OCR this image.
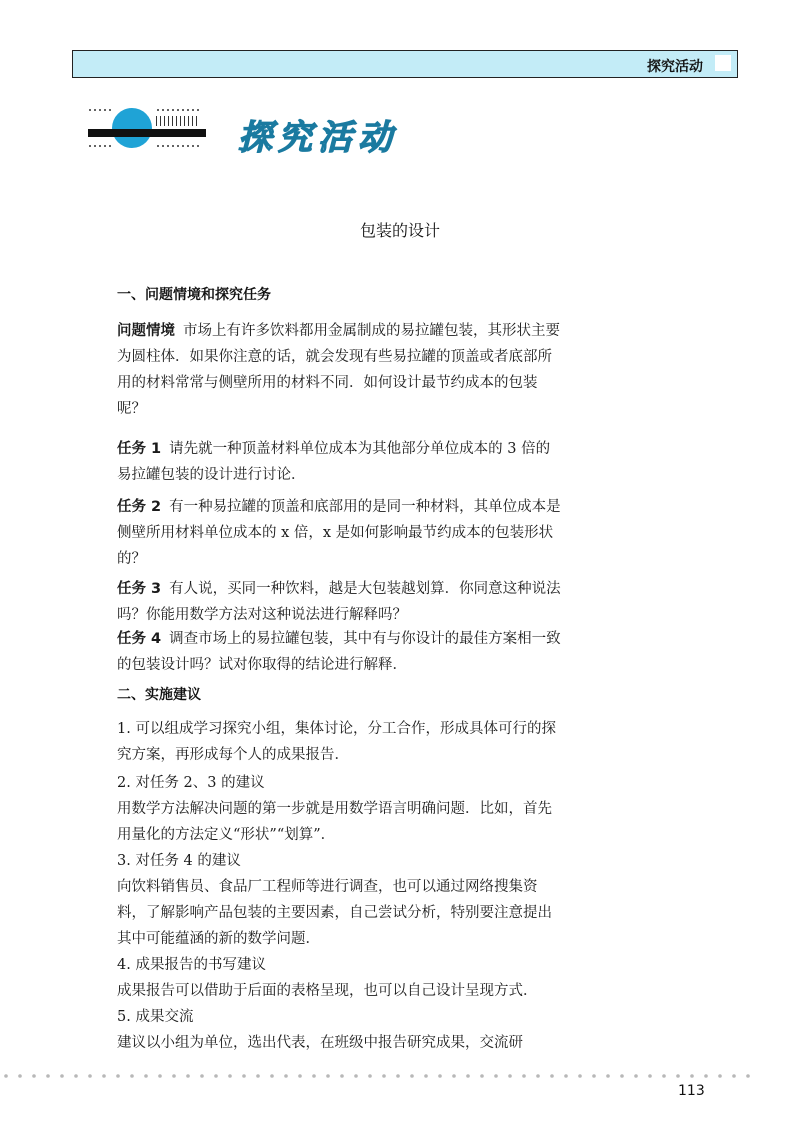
探究活动
探究活动
包装的设计
一、问题情境和探究任务
问题情境 市场上有许多饮料都用金属制成的易拉罐包装，其形状主要为圆柱体．如果你注意的话，就会发现有些易拉罐的顶盖或者底部所用的材料常常与侧壁所用的材料不同．如何设计最节约成本的包装呢？
任务 1 请先就一种顶盖材料单位成本为其他部分单位成本的 3 倍的易拉罐包装的设计进行讨论．
任务 2 有一种易拉罐的顶盖和底部用的是同一种材料，其单位成本是侧壁所用材料单位成本的 x 倍，x 是如何影响最节约成本的包装形状的？
任务 3 有人说，买同一种饮料，越是大包装越划算．你同意这种说法吗？你能用数学方法对这种说法进行解释吗？
任务 4 调查市场上的易拉罐包装，其中有与你设计的最佳方案相一致的包装设计吗？试对你取得的结论进行解释．
二、实施建议
1. 可以组成学习探究小组，集体讨论，分工合作，形成具体可行的探究方案，再形成每个人的成果报告．
2. 对任务 2、3 的建议
用数学方法解决问题的第一步就是用数学语言明确问题．比如，首先用量化的方法定义“形状”“划算”．
3. 对任务 4 的建议
向饮料销售员、食品厂工程师等进行调查，也可以通过网络搜集资料，了解影响产品包装的主要因素，自己尝试分析，特别要注意提出其中可能蕴涵的新的数学问题．
4. 成果报告的书写建议
成果报告可以借助于后面的表格呈现，也可以自己设计呈现方式．
5. 成果交流
建议以小组为单位，选出代表，在班级中报告研究成果，交流研
113
